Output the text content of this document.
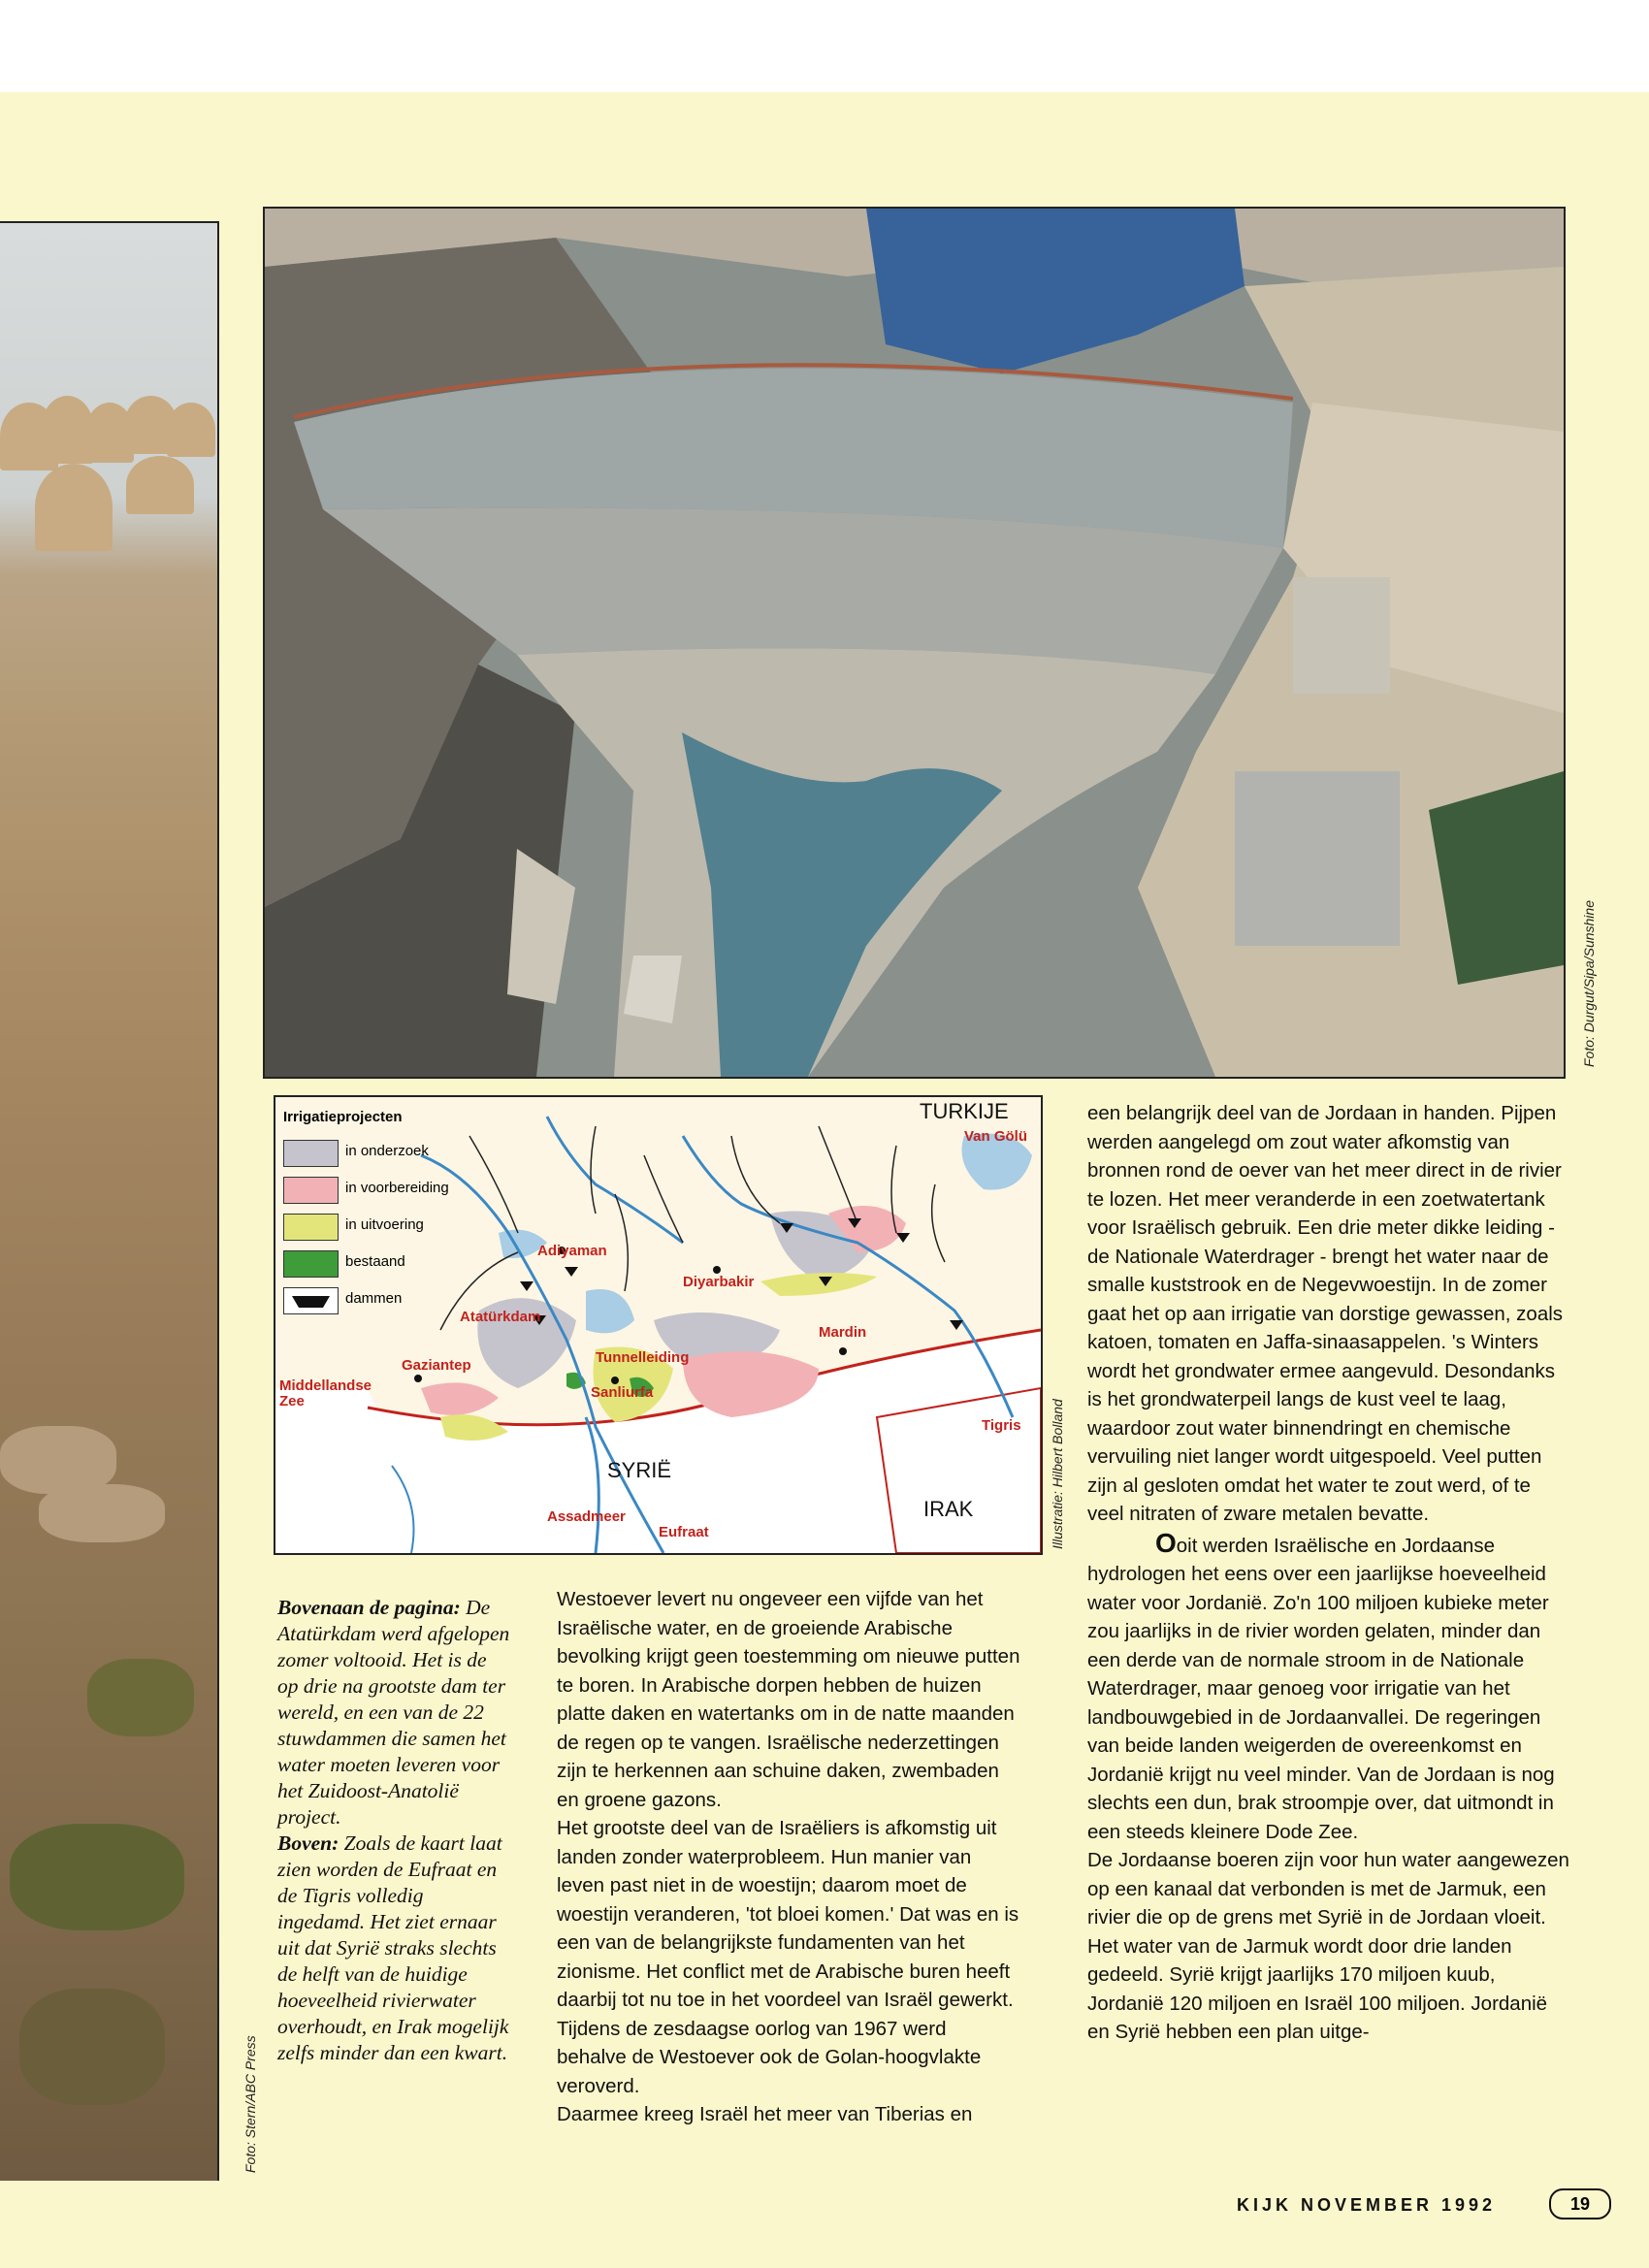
Foto: Stern/ABC Press
Foto: Durgut/Sipa/Sunshine
Irrigatieprojecten
in onderzoek
in voorbereiding
in uitvoering
bestaand
dammen
TURKIJE
Van Gölü
Adiyaman
Diyarbakir
Atatürkdam
Mardin
Tunnelleiding
Gaziantep
Sanliurfa
Middellandse Zee
Tigris
SYRIË
IRAK
Assadmeer
Eufraat	Illustratie: Hilbert Bolland
Bovenaan de pagina: De Atatürkdam werd afgelopen zomer voltooid. Het is de op drie na grootste dam ter wereld, en een van de 22 stuwdammen die samen het water moeten leveren voor het Zuidoost-Anatolië project.
Boven: Zoals de kaart laat zien worden de Eufraat en de Tigris volledig ingedamd. Het ziet ernaar uit dat Syrië straks slechts de helft van de huidige hoeveelheid rivierwater overhoudt, en Irak mogelijk zelfs minder dan een kwart.

Westoever levert nu ongeveer een vijfde van het Israëlische water, en de groeiende Arabische bevolking krijgt geen toestemming om nieuwe putten te boren. In Arabische dorpen hebben de huizen platte daken en watertanks om in de natte maanden de regen op te vangen. Israëlische nederzettingen zijn te herkennen aan schuine daken, zwembaden en groene gazons.

Het grootste deel van de Israëliers is afkomstig uit landen zonder waterprobleem. Hun manier van leven past niet in de woestijn; daarom moet de woestijn veranderen, 'tot bloei komen.' Dat was en is een van de belangrijkste fundamenten van het zionisme. Het conflict met de Arabische buren heeft daarbij tot nu toe in het voordeel van Israël gewerkt. Tijdens de zesdaagse oorlog van 1967 werd behalve de Westoever ook de Golan-hoogvlakte veroverd.

Daarmee kreeg Israël het meer van Tiberias en

een belangrijk deel van de Jordaan in handen. Pijpen werden aangelegd om zout water afkomstig van bronnen rond de oever van het meer direct in de rivier te lozen. Het meer veranderde in een zoetwatertank voor Israëlisch gebruik. Een drie meter dikke leiding - de Nationale Waterdrager - brengt het water naar de smalle kuststrook en de Negevwoestijn. In de zomer gaat het op aan irrigatie van dorstige gewassen, zoals katoen, tomaten en Jaffa-sinaasappelen. 's Winters wordt het grondwater ermee aangevuld. Desondanks is het grondwaterpeil langs de kust veel te laag, waardoor zout water binnendringt en chemische vervuiling niet langer wordt uitgespoeld. Veel putten zijn al gesloten omdat het water te zout werd, of te veel nitraten of zware metalen bevatte.

Ooit werden Israëlische en Jordaanse hydrologen het eens over een jaarlijkse hoeveelheid water voor Jordanië. Zo'n 100 miljoen kubieke meter zou jaarlijks in de rivier worden gelaten, minder dan een derde van de normale stroom in de Nationale Waterdrager, maar genoeg voor irrigatie van het landbouwgebied in de Jordaanvallei. De regeringen van beide landen weigerden de overeenkomst en Jordanië krijgt nu veel minder. Van de Jordaan is nog slechts een dun, brak stroompje over, dat uitmondt in een steeds kleinere Dode Zee.

De Jordaanse boeren zijn voor hun water aangewezen op een kanaal dat verbonden is met de Jarmuk, een rivier die op de grens met Syrië in de Jordaan vloeit. Het water van de Jarmuk wordt door drie landen gedeeld. Syrië krijgt jaarlijks 170 miljoen kuub, Jordanië 120 miljoen en Israël 100 miljoen. Jordanië en Syrië hebben een plan uitge-

KIJK NOVEMBER 1992	19
